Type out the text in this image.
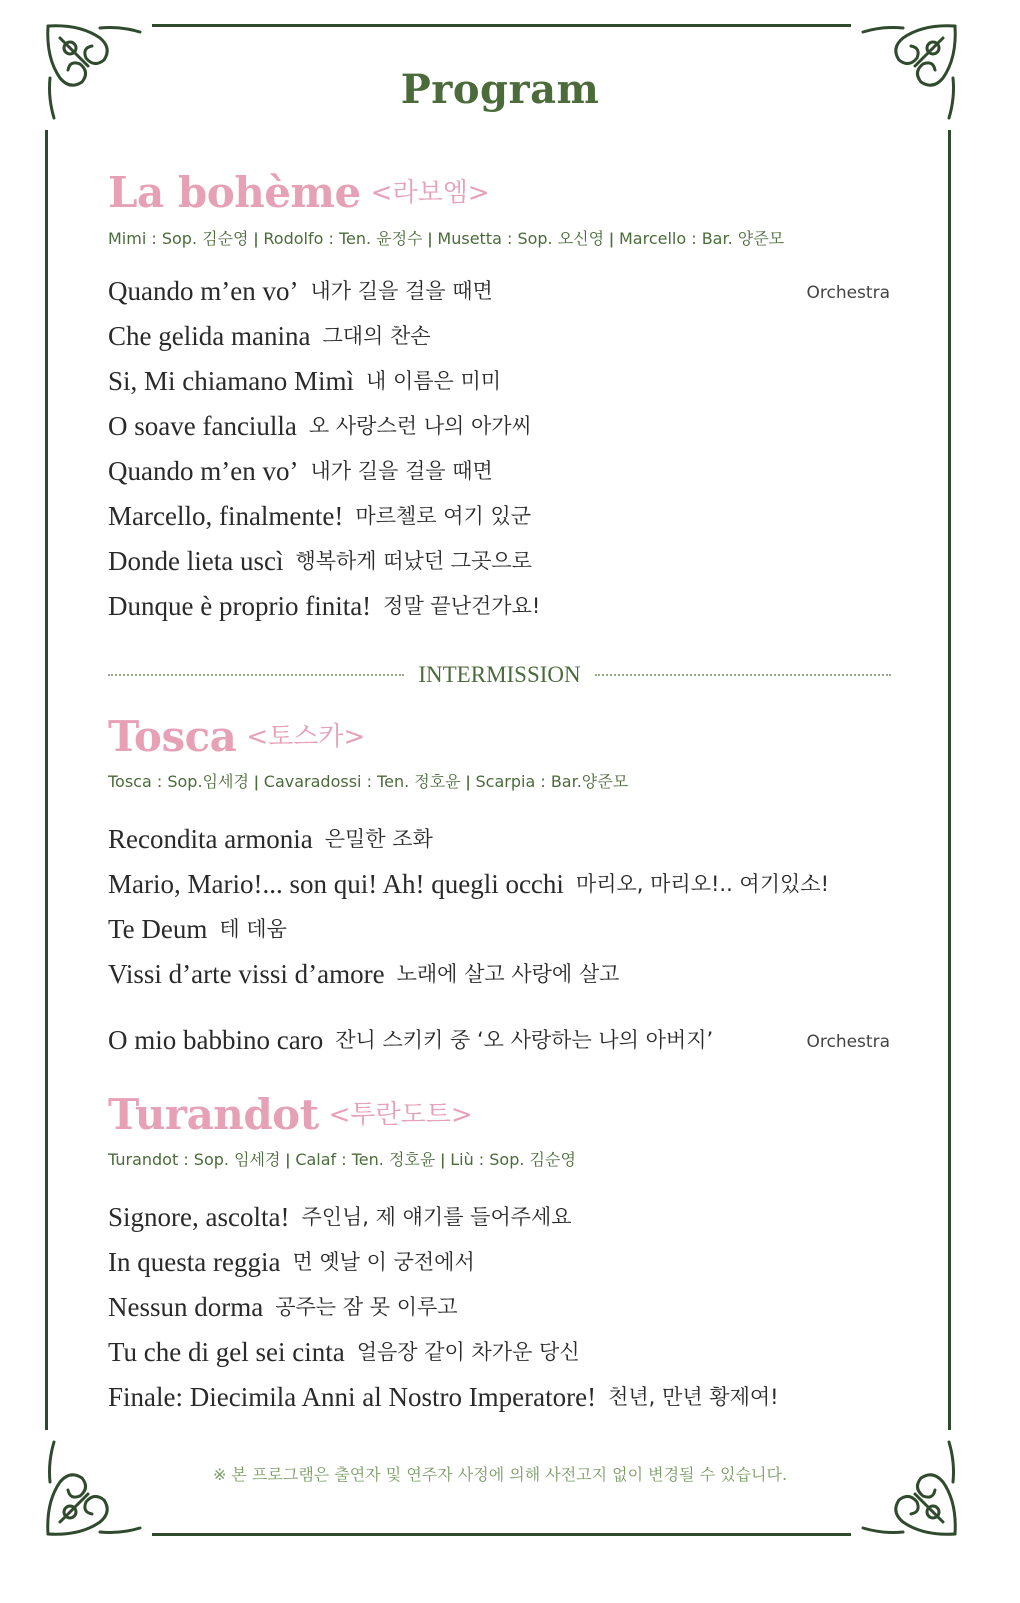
Program
La bohème <라보엠>
Mimi : Sop. 김순영 ǀ Rodolfo : Ten. 윤정수 ǀ Musetta : Sop. 오신영 ǀ Marcello : Bar. 양준모
Quando m’en vo’ 내가 길을 걸을 때면	Orchestra
Che gelida manina 그대의 찬손
Si, Mi chiamano Mimì 내 이름은 미미
O soave fanciulla 오 사랑스런 나의 아가씨
Quando m’en vo’ 내가 길을 걸을 때면
Marcello, finalmente! 마르첼로 여기 있군
Donde lieta uscì 행복하게 떠났던 그곳으로
Dunque è proprio finita! 정말 끝난건가요!
INTERMISSION
Tosca <토스카>
Tosca : Sop.임세경 ǀ Cavaradossi : Ten. 정호윤 ǀ Scarpia : Bar.양준모
Recondita armonia 은밀한 조화
Mario, Mario!... son qui! Ah! quegli occhi 마리오, 마리오!.. 여기있소!
Te Deum 테 데움
Vissi d’arte vissi d’amore 노래에 살고 사랑에 살고
O mio babbino caro 잔니 스키키 중 ‘오 사랑하는 나의 아버지’	Orchestra
Turandot <투란도트>
Turandot : Sop. 임세경 ǀ Calaf : Ten. 정호윤 ǀ Liù : Sop. 김순영
Signore, ascolta! 주인님, 제 얘기를 들어주세요
In questa reggia 먼 옛날 이 궁전에서
Nessun dorma 공주는 잠 못 이루고
Tu che di gel sei cinta 얼음장 같이 차가운 당신
Finale: Diecimila Anni al Nostro Imperatore! 천년, 만년 황제여!
※ 본 프로그램은 출연자 및 연주자 사정에 의해 사전고지 없이 변경될 수 있습니다.
